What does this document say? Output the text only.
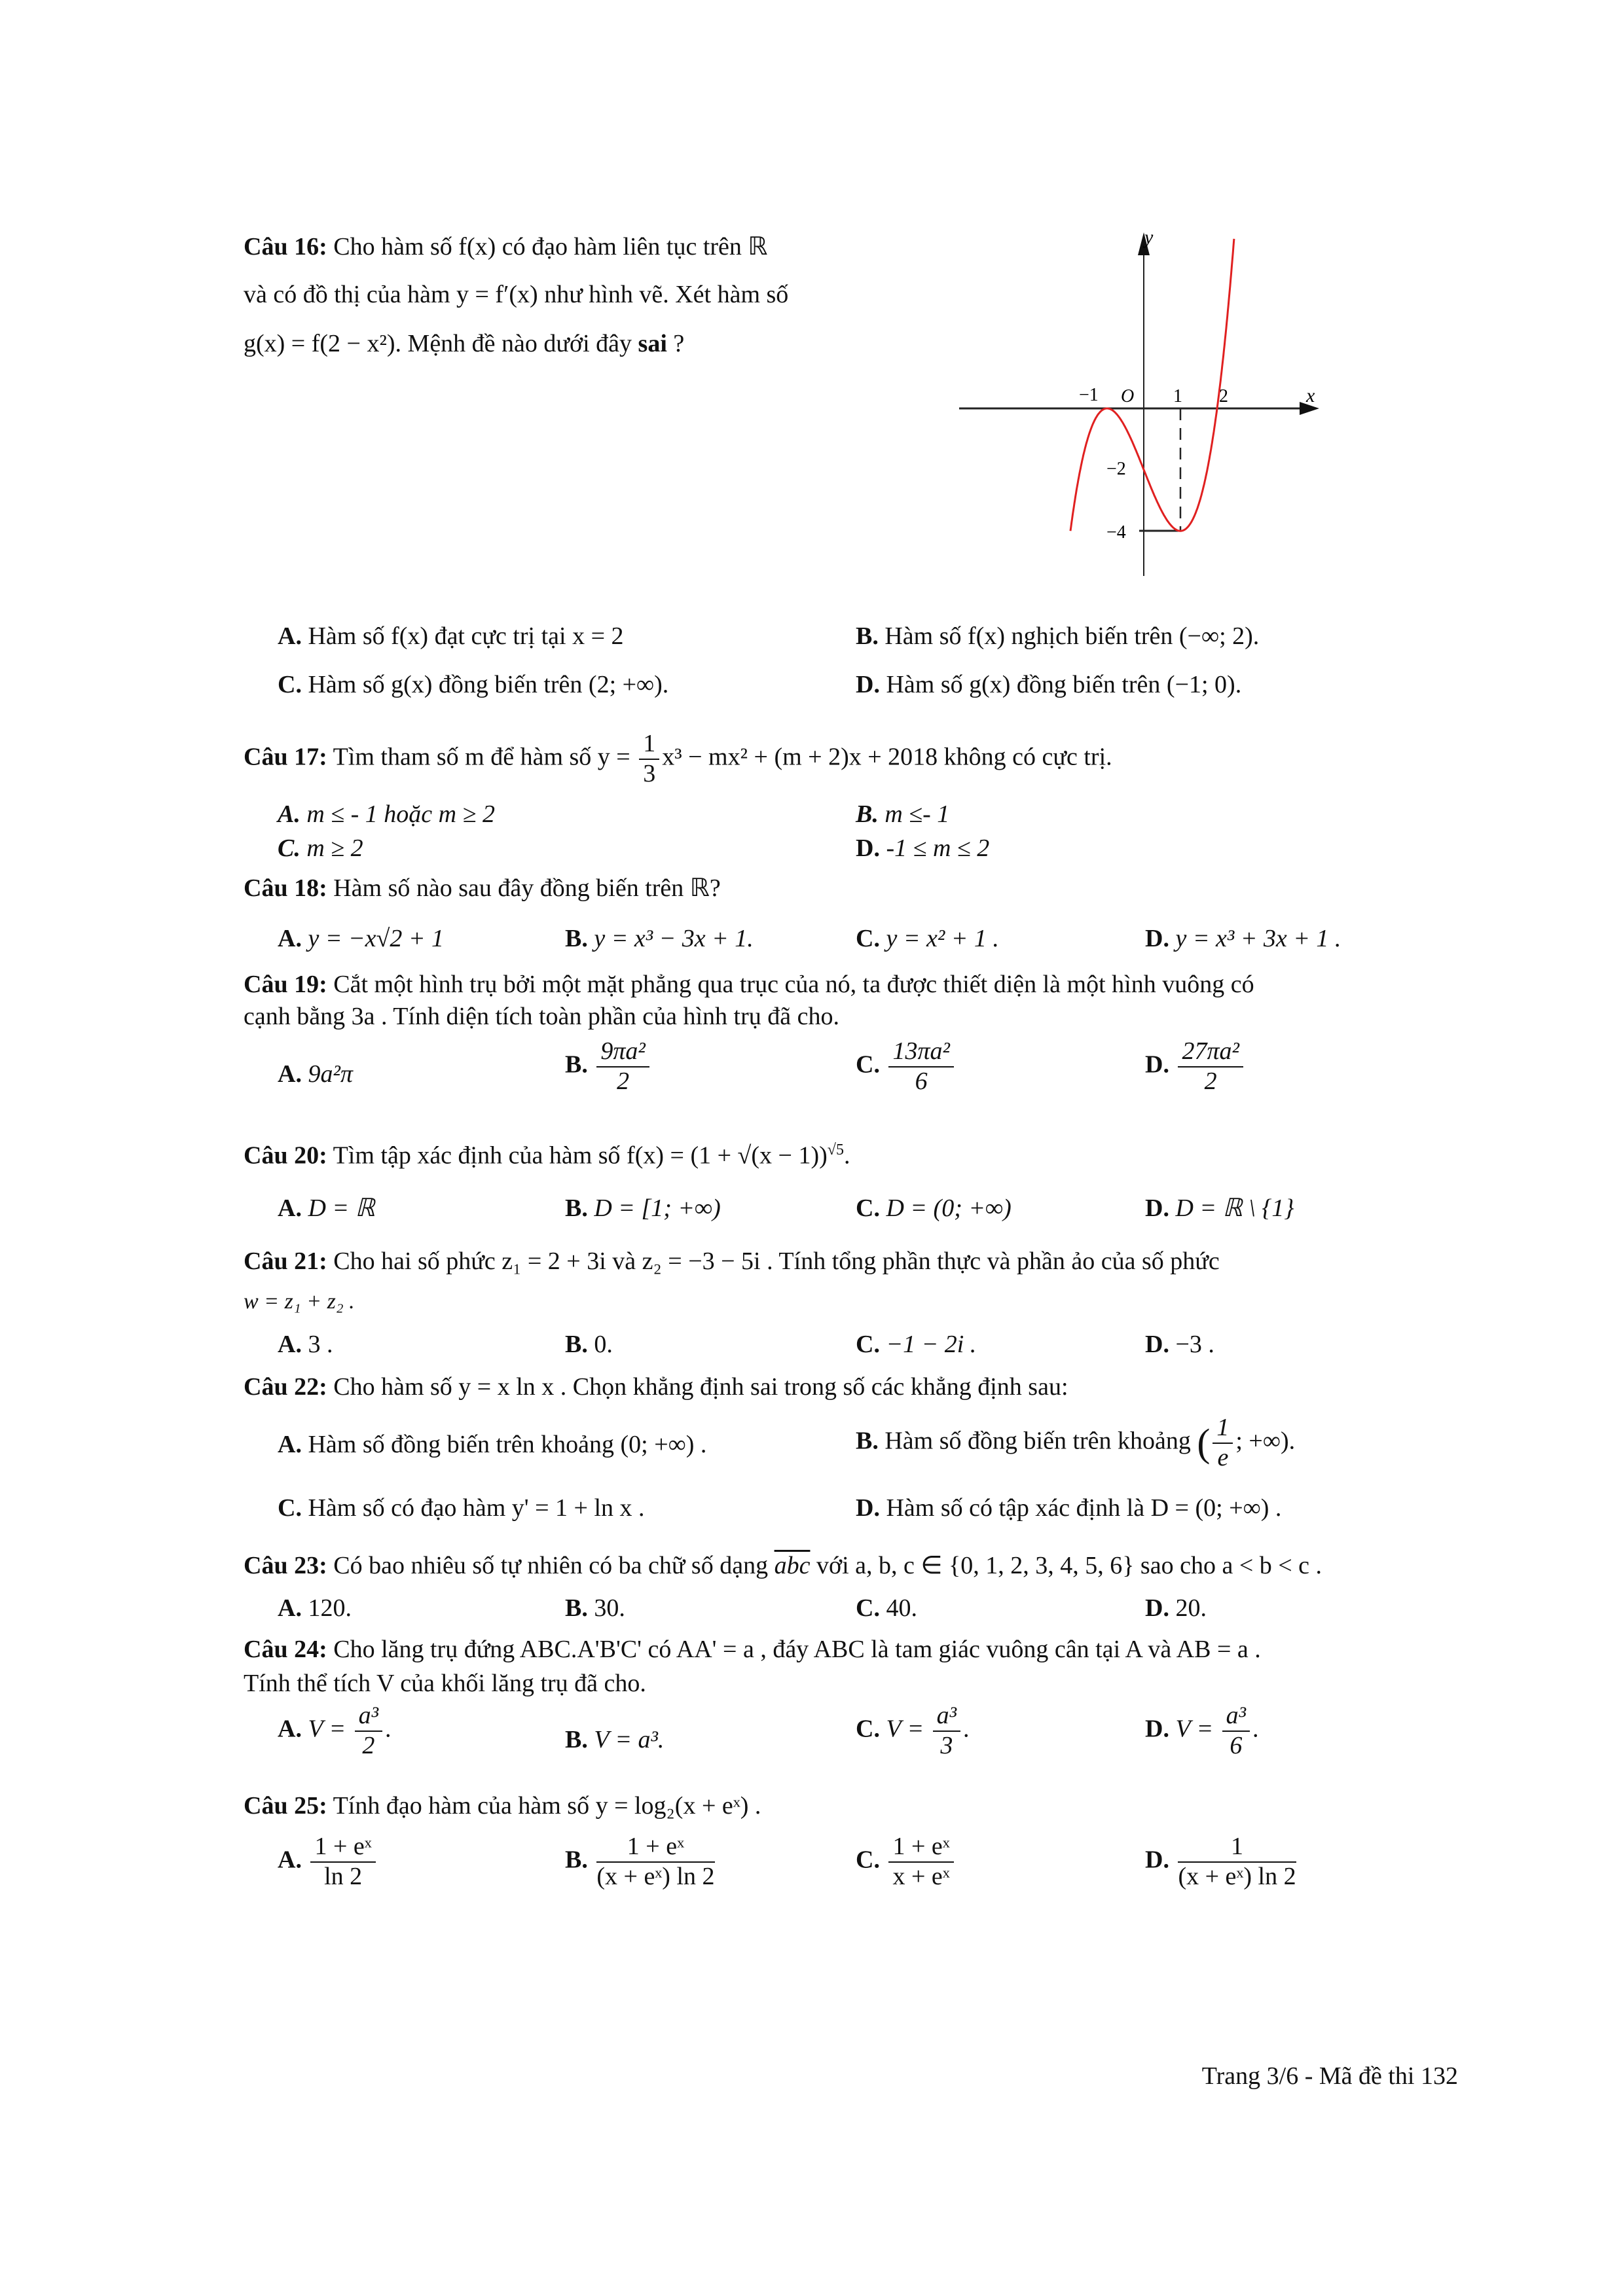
Câu 16: Cho hàm số f(x) có đạo hàm liên tục trên ℝ
và có đồ thị của hàm y = f′(x) như hình vẽ. Xét hàm số
g(x) = f(2 − x²). Mệnh đề nào dưới đây sai ?
y
x
O
−1	1 2
−2
−4
A. Hàm số f(x) đạt cực trị tại x = 2	B. Hàm số f(x) nghịch biến trên (−∞; 2).
C. Hàm số g(x) đồng biến trên (2; +∞).	D. Hàm số g(x) đồng biến trên (−1; 0).
Câu 17: Tìm tham số m để hàm số $y = \frac{1}{3} x^3 - mx^2 + (m + 2)x + 2018$ không có cực trị.
A. m ≤ - 1 hoặc m ≥ 2	B. m ≤- 1
C. m ≥ 2	D. -1 ≤ m ≤ 2
Câu 18: Hàm số nào sau đây đồng biến trên ℝ?
A. y = −x√2 + 1	B. y = x³ − 3x + 1.	C. y = x² + 1 .	D. y = x³ + 3x + 1 .
Câu 19: Cắt một hình trụ bởi một mặt phẳng qua trục của nó, ta được thiết diện là một hình vuông có
cạnh bằng 3a . Tính diện tích toàn phần của hình trụ đã cho.
A. 9a²π	B. $\frac{\text{9πa²}}{2}$	C. $\frac{\text{13πa²}}{6}$	D. $\frac{\text{27πa²}}{2}$
Câu 20: Tìm tập xác định của hàm số $f(x) = (1 + √(x - 1))^{√5}$.
A. D = ℝ	B. D = [1; +∞)	C. D = (0; +∞)	D. D = ℝ \ {1}
Câu 21: Cho hai số phức z₁ = 2 + 3i và z₂ = −3 − 5i . Tính tổng phần thực và phần ảo của số phức
w = z₁ + z₂ .
A. 3 .	B. 0.	C. −1 − 2i .	D. −3 .
Câu 22: Cho hàm số y = x ln x . Chọn khẳng định sai trong số các khẳng định sau:
A. Hàm số đồng biến trên khoảng (0; +∞) .	B. Hàm số đồng biến trên khoảng ( $\frac{1}{e}$ ; +∞).
C. Hàm số có đạo hàm y' = 1 + ln x .	D. Hàm số có tập xác định là D = (0; +∞) .
Câu 23: Có bao nhiêu số tự nhiên có ba chữ số dạng $\overline{abc}$ với a, b, c ∈ {0, 1, 2, 3, 4, 5, 6} sao cho a < b < c .
A. 120.	B. 30.	C. 40.	D. 20.
Câu 24: Cho lăng trụ đứng ABC.A'B'C' có AA' = a , đáy ABC là tam giác vuông cân tại A và AB = a .
Tính thể tích V của khối lăng trụ đã cho.
A. $V = \frac{\text{a³}}{2}$ .	B. V = a³.	C. $V = \frac{\text{a³}}{3}$ .	D. $V = \frac{\text{a³}}{6}$ .
Câu 25: Tính đạo hàm của hàm số y = log₂(x + eˣ) .
A. $\frac{\text{1 + eˣ}}{\ln 2}$	B. $\frac{\text{1 + eˣ}}{\text{(x + eˣ) ln 2}}$	C. $\frac{\text{1 + eˣ}}{\text{x + eˣ}}$	D. $\frac{1}{\text{(x + eˣ) ln 2}}$
Trang 3/6 - Mã đề thi 132
